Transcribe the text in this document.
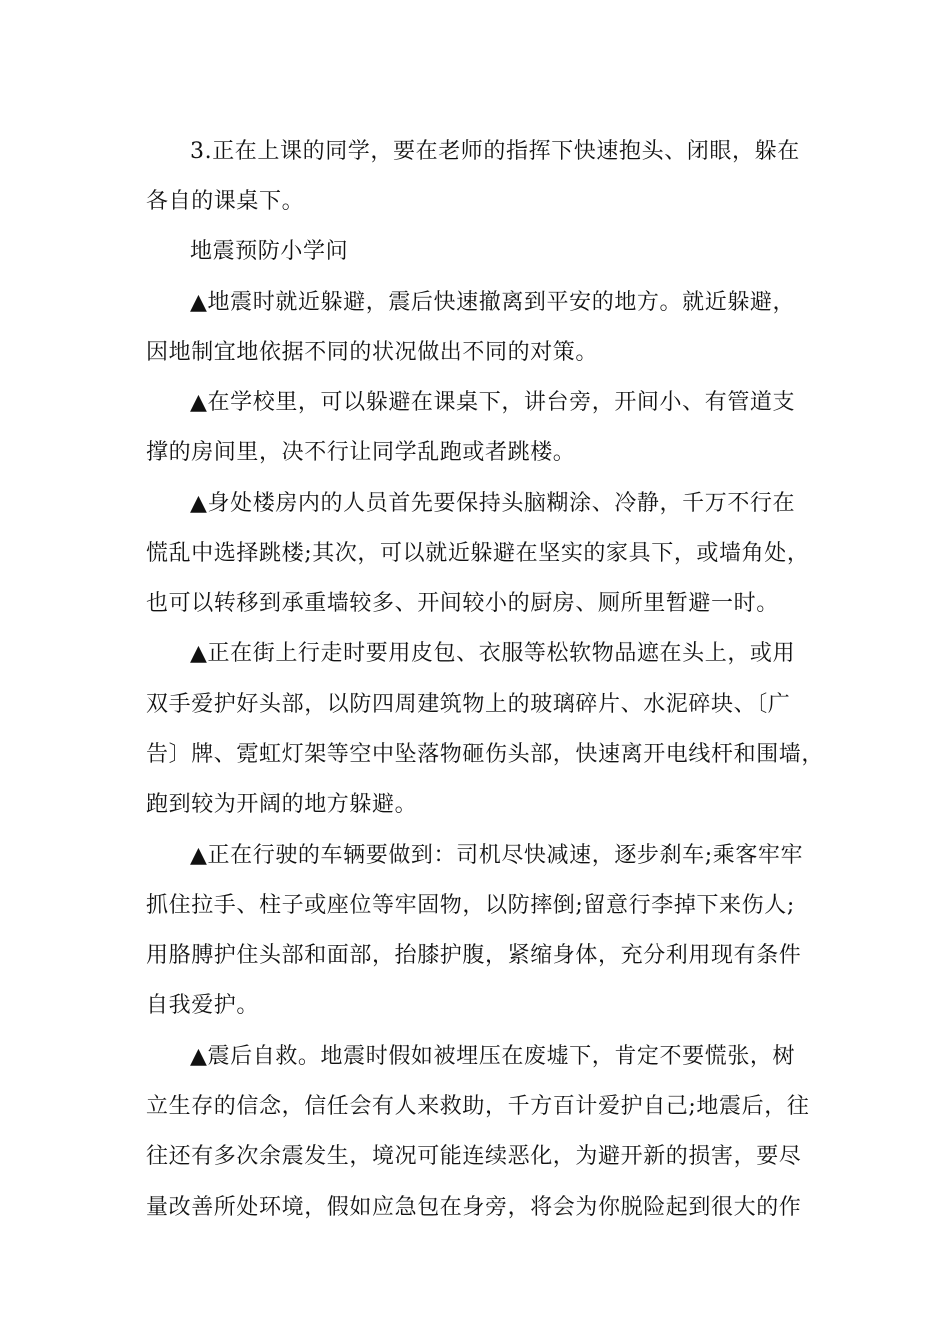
3.正在上课的同学，要在老师的指挥下快速抱头、闭眼，躲在
各自的课桌下。
地震预防小学问
▲地震时就近躲避，震后快速撤离到平安的地方。就近躲避，
因地制宜地依据不同的状况做出不同的对策。
▲在学校里，可以躲避在课桌下，讲台旁，开间小、有管道支
撑的房间里，决不行让同学乱跑或者跳楼。
▲身处楼房内的人员首先要保持头脑糊涂、冷静，千万不行在
慌乱中选择跳楼;其次，可以就近躲避在坚实的家具下，或墙角处，
也可以转移到承重墙较多、开间较小的厨房、厕所里暂避一时。
▲正在街上行走时要用皮包、衣服等松软物品遮在头上，或用
双手爱护好头部，以防四周建筑物上的玻璃碎片、水泥碎块、〔广
告〕牌、霓虹灯架等空中坠落物砸伤头部，快速离开电线杆和围墙，
跑到较为开阔的地方躲避。
▲正在行驶的车辆要做到：司机尽快减速，逐步刹车;乘客牢牢
抓住拉手、柱子或座位等牢固物，以防摔倒;留意行李掉下来伤人;
用胳膊护住头部和面部，抬膝护腹，紧缩身体，充分利用现有条件
自我爱护。
▲震后自救。地震时假如被埋压在废墟下，肯定不要慌张，树
立生存的信念，信任会有人来救助，千方百计爱护自己;地震后，往
往还有多次余震发生，境况可能连续恶化，为避开新的损害，要尽
量改善所处环境，假如应急包在身旁，将会为你脱险起到很大的作
